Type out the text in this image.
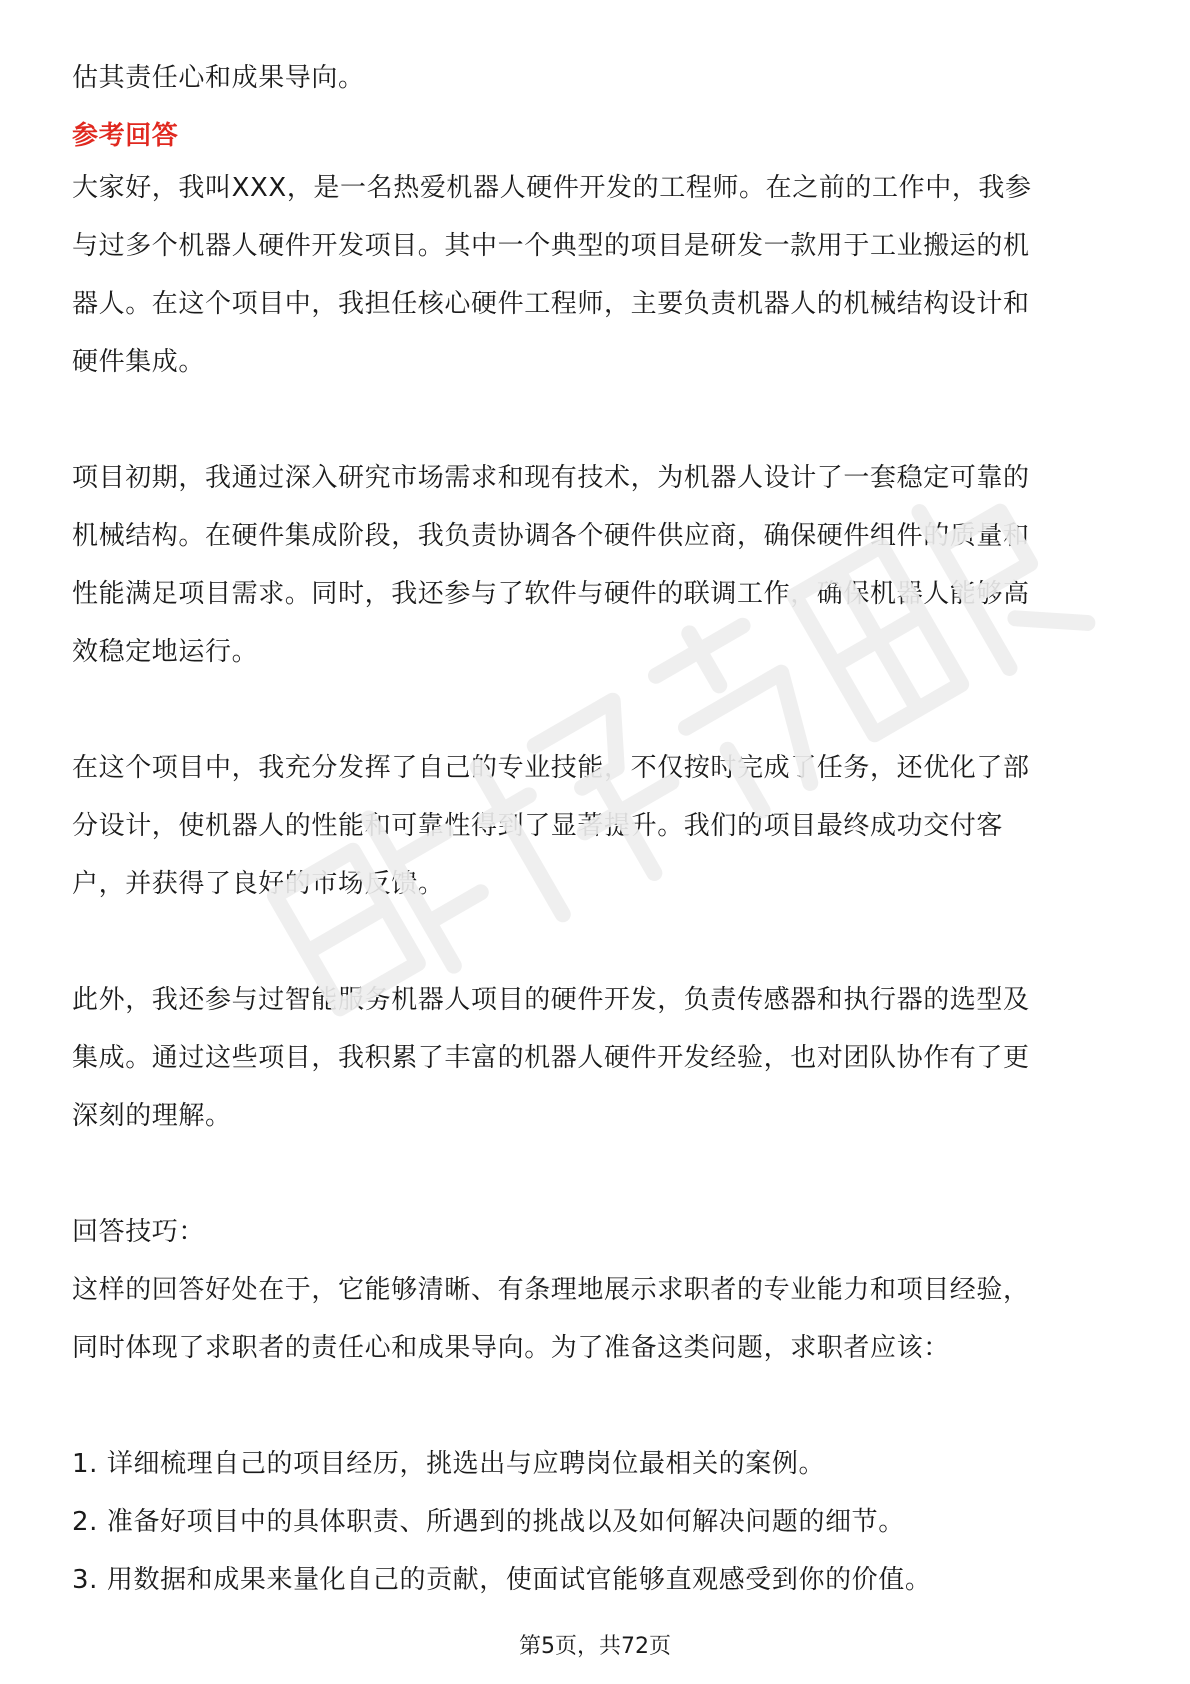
估其责任心和成果导向。
参考回答
大家好，我叫XXX，是一名热爱机器人硬件开发的工程师。在之前的工作中，我参
与过多个机器人硬件开发项目。其中一个典型的项目是研发一款用于工业搬运的机
器人。在这个项目中，我担任核心硬件工程师，主要负责机器人的机械结构设计和
硬件集成。
项目初期，我通过深入研究市场需求和现有技术，为机器人设计了一套稳定可靠的
机械结构。在硬件集成阶段，我负责协调各个硬件供应商，确保硬件组件的质量和
性能满足项目需求。同时，我还参与了软件与硬件的联调工作，确保机器人能够高
效稳定地运行。
在这个项目中，我充分发挥了自己的专业技能，不仅按时完成了任务，还优化了部
分设计，使机器人的性能和可靠性得到了显著提升。我们的项目最终成功交付客
户，并获得了良好的市场反馈。
此外，我还参与过智能服务机器人项目的硬件开发，负责传感器和执行器的选型及
集成。通过这些项目，我积累了丰富的机器人硬件开发经验，也对团队协作有了更
深刻的理解。
回答技巧：
这样的回答好处在于，它能够清晰、有条理地展示求职者的专业能力和项目经验，
同时体现了求职者的责任心和成果导向。为了准备这类问题，求职者应该：
1. 详细梳理自己的项目经历，挑选出与应聘岗位最相关的案例。
2. 准备好项目中的具体职责、所遇到的挑战以及如何解决问题的细节。
3. 用数据和成果来量化自己的贡献，使面试官能够直观感受到你的价值。
第5页，共72页
